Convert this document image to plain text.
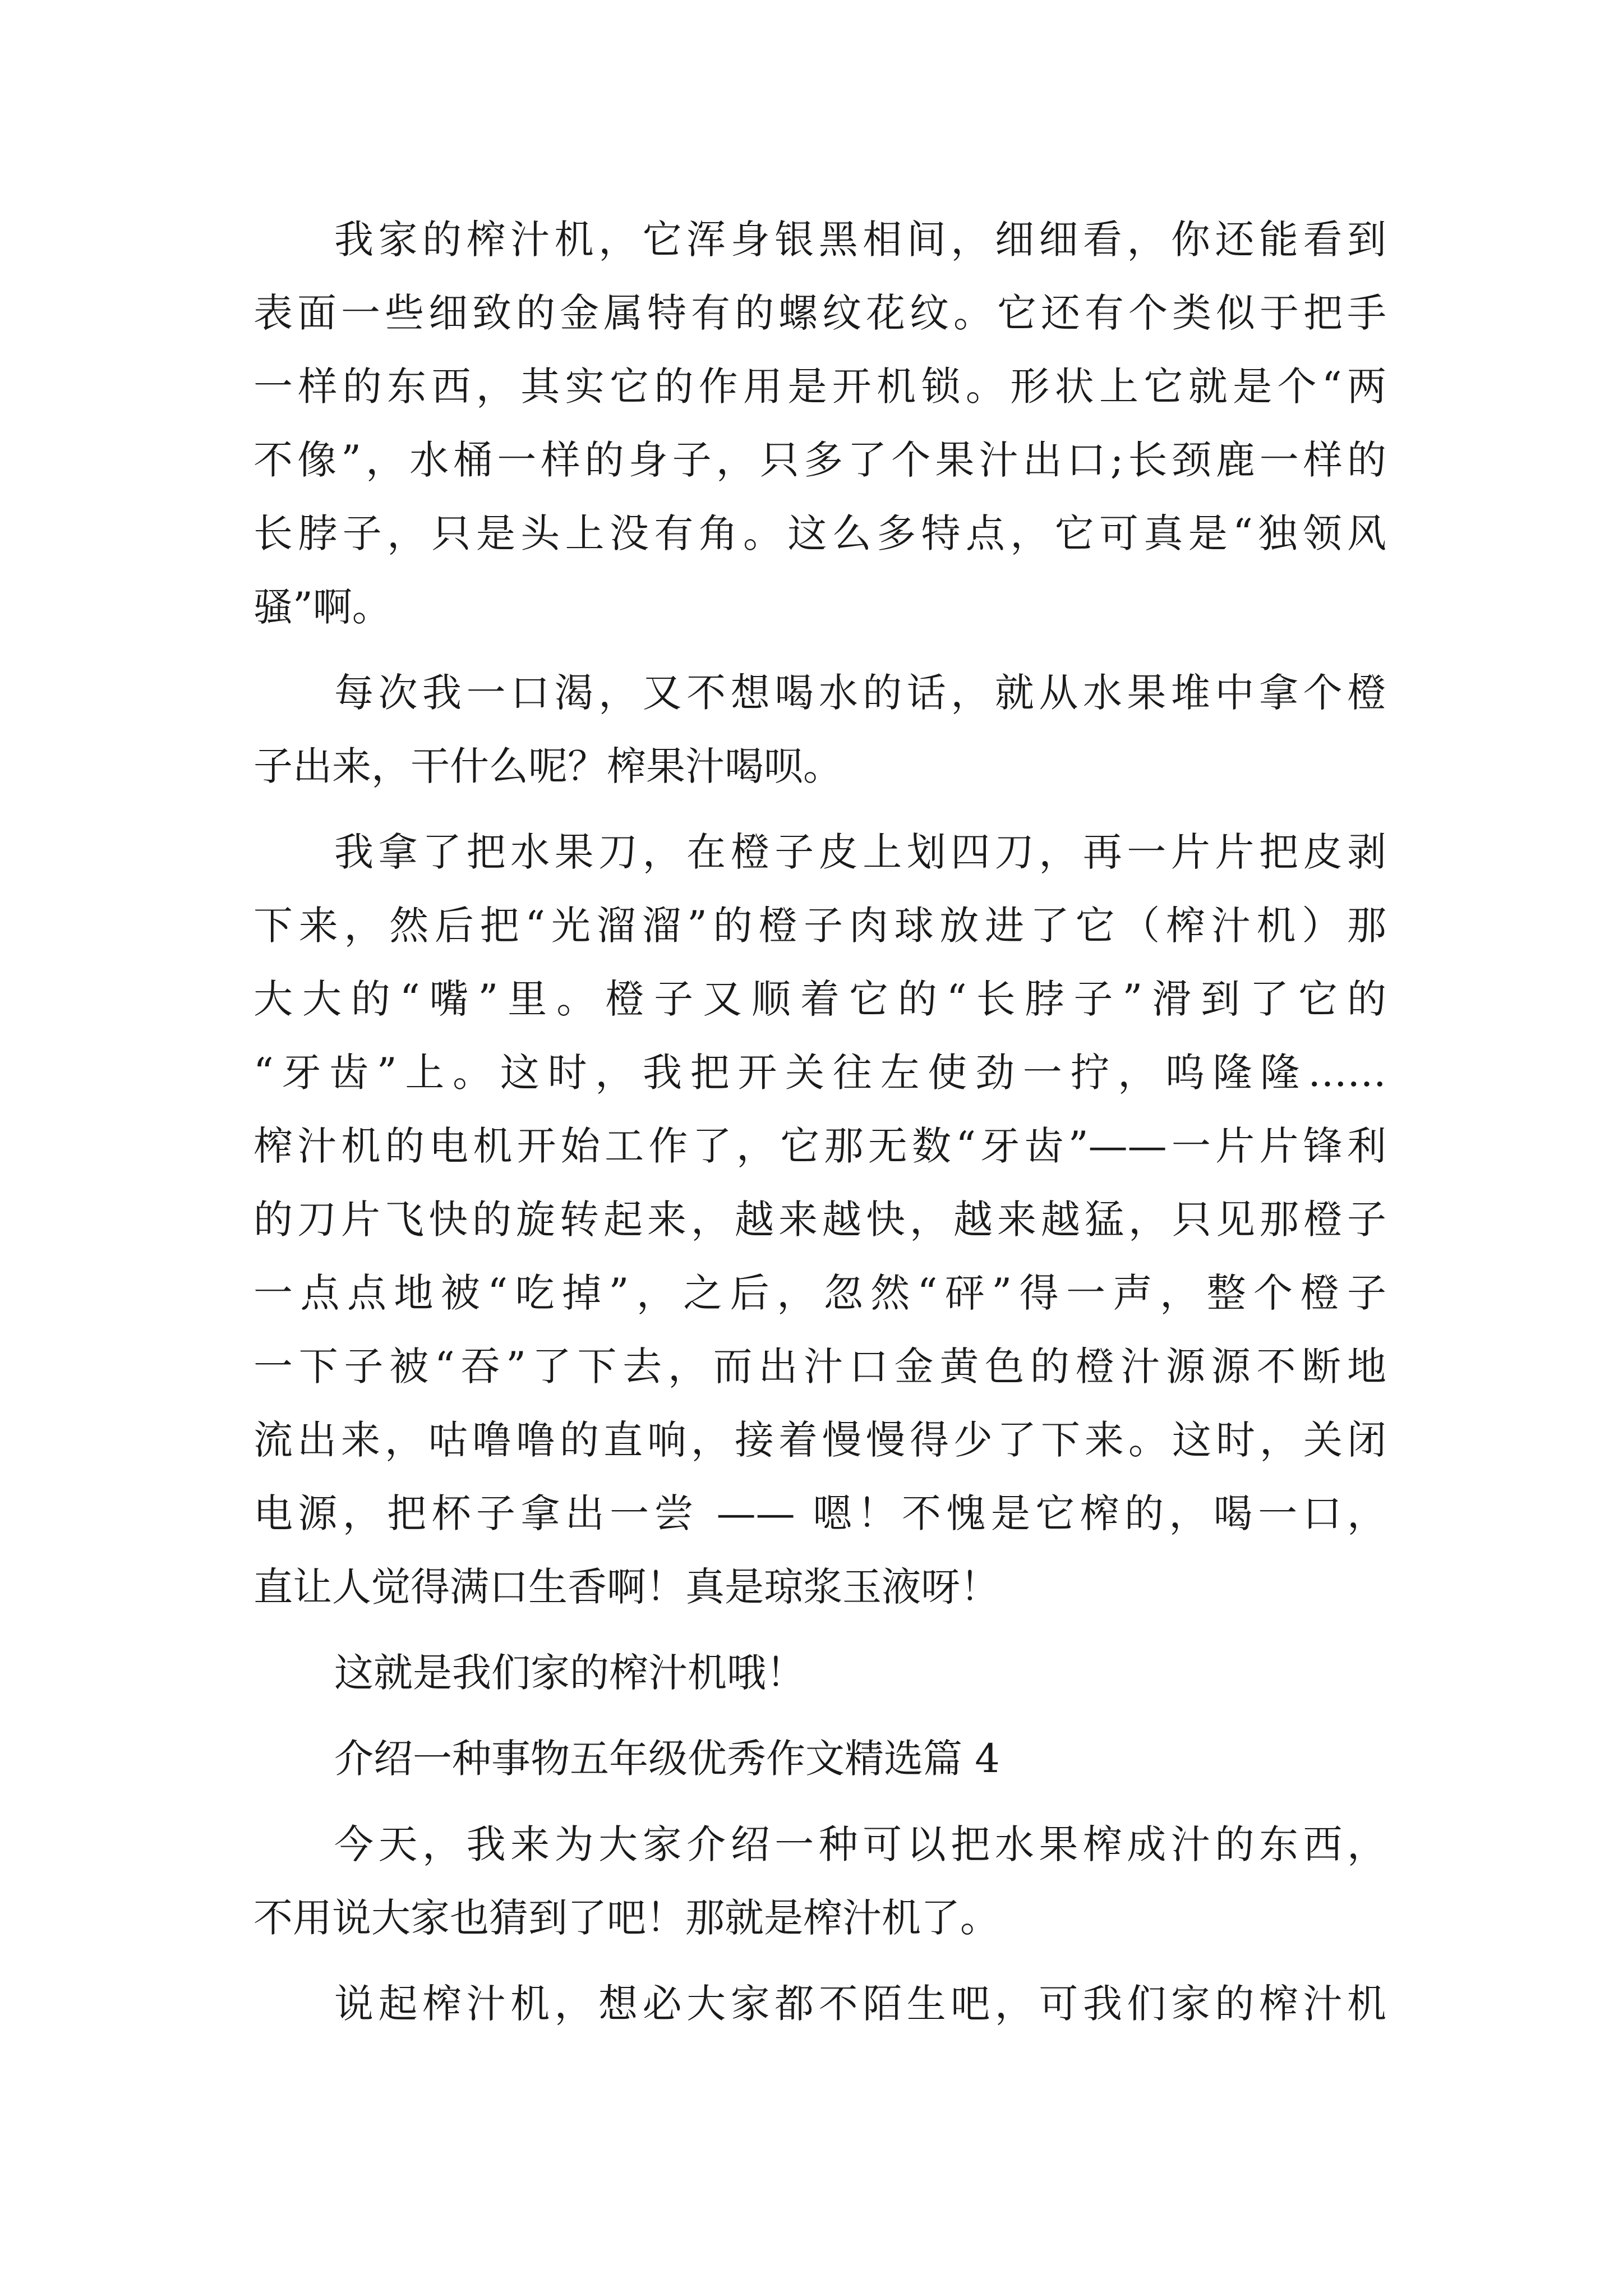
我家的榨汁机，它浑身银黑相间，细细看，你还能看到
表面一些细致的金属特有的螺纹花纹。它还有个类似于把手
一样的东西，其实它的作用是开机锁。形状上它就是个“两
不像”，水桶一样的身子，只多了个果汁出口;长颈鹿一样的
长脖子，只是头上没有角。这么多特点，它可真是“独领风
骚”啊。
每次我一口渴，又不想喝水的话，就从水果堆中拿个橙
子出来，干什么呢？榨果汁喝呗。
我拿了把水果刀，在橙子皮上划四刀，再一片片把皮剥
下来，然后把“光溜溜”的橙子肉球放进了它（榨汁机）那
大大的“嘴”里。橙子又顺着它的“长脖子”滑到了它的
“牙齿”上。这时，我把开关往左使劲一拧，呜隆隆……
榨汁机的电机开始工作了，它那无数“牙齿”——一片片锋利
的刀片飞快的旋转起来，越来越快，越来越猛，只见那橙子
一点点地被“吃掉”，之后，忽然“砰”得一声，整个橙子
一下子被“吞”了下去，而出汁口金黄色的橙汁源源不断地
流出来，咕噜噜的直响，接着慢慢得少了下来。这时，关闭
电源，把杯子拿出一尝 —— 嗯！不愧是它榨的，喝一口，
直让人觉得满口生香啊！真是琼浆玉液呀！
这就是我们家的榨汁机哦！
介绍一种事物五年级优秀作文精选篇 4
今天，我来为大家介绍一种可以把水果榨成汁的东西，
不用说大家也猜到了吧！那就是榨汁机了。
说起榨汁机，想必大家都不陌生吧，可我们家的榨汁机
